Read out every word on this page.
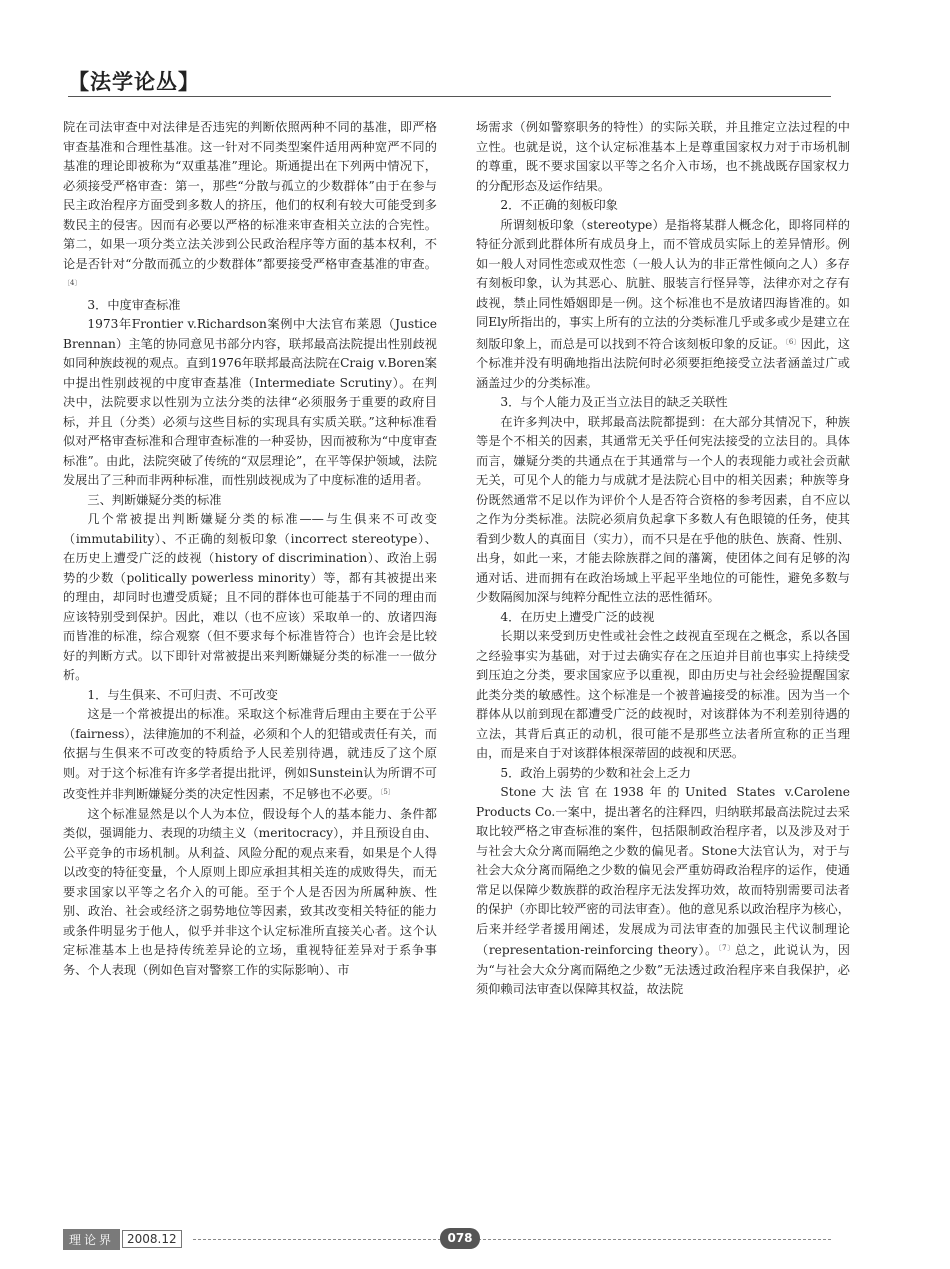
【法学论丛】

院在司法审查中对法律是否违宪的判断依照两种不同的基准，即严格审查基准和合理性基准。这一针对不同类型案件适用两种宽严不同的基准的理论即被称为“双重基准”理论。斯通提出在下列两中情况下，必须接受严格审查：第一，那些“分散与孤立的少数群体”由于在参与民主政治程序方面受到多数人的挤压，他们的权利有较大可能受到多数民主的侵害。因而有必要以严格的标准来审查相关立法的合宪性。第二，如果一项分类立法关涉到公民政治程序等方面的基本权利，不论是否针对“分散而孤立的少数群体”都要接受严格审查基准的审查。$^{〔4〕}$

3．中度审查标准

1973年Frontier v.Richardson案例中大法官布莱恩（Justice Brennan）主笔的协同意见书部分内容，联邦最高法院提出性别歧视如同种族歧视的观点。直到1976年联邦最高法院在Craig v.Boren案中提出性别歧视的中度审查基准（Intermediate Scrutiny）。在判决中，法院要求以性别为立法分类的法律“必须服务于重要的政府目标，并且（分类）必须与这些目标的实现具有实质关联。”这种标准看似对严格审查标准和合理审查标准的一种妥协，因而被称为“中度审查标准”。由此，法院突破了传统的“双层理论”，在平等保护领域，法院发展出了三种而非两种标准，而性别歧视成为了中度标准的适用者。

三、判断嫌疑分类的标准

几个常被提出判断嫌疑分类的标准——与生俱来不可改变（immutability）、不正确的刻板印象（incorrect stereotype）、在历史上遭受广泛的歧视（history of discrimination）、政治上弱势的少数（politically powerless minority）等，都有其被提出来的理由，却同时也遭受质疑；且不同的群体也可能基于不同的理由而应该特别受到保护。因此，难以（也不应该）采取单一的、放诸四海而皆准的标准，综合观察（但不要求每个标准皆符合）也许会是比较好的判断方式。以下即针对常被提出来判断嫌疑分类的标准一一做分析。

1．与生俱来、不可归责、不可改变

这是一个常被提出的标准。采取这个标准背后理由主要在于公平（fairness），法律施加的不利益，必须和个人的犯错或责任有关，而依据与生俱来不可改变的特质给予人民差别待遇，就违反了这个原则。对于这个标准有许多学者提出批评，例如Sunstein认为所谓不可改变性并非判断嫌疑分类的决定性因素，不足够也不必要。$^{〔5〕}$

这个标准显然是以个人为本位，假设每个人的基本能力、条件都类似，强调能力、表现的功绩主义（meritocracy），并且预设自由、公平竞争的市场机制。从利益、风险分配的观点来看，如果是个人得以改变的特征变量，个人原则上即应承担其相关连的成败得失，而无要求国家以平等之名介入的可能。至于个人是否因为所属种族、性别、政治、社会或经济之弱势地位等因素，致其改变相关特征的能力或条件明显劣于他人，似乎并非这个认定标准所直接关心者。这个认定标准基本上也是持传统差异论的立场，重视特征差异对于系争事务、个人表现（例如色盲对警察工作的实际影响）、市

场需求（例如警察职务的特性）的实际关联，并且推定立法过程的中立性。也就是说，这个认定标准基本上是尊重国家权力对于市场机制的尊重，既不要求国家以平等之名介入市场，也不挑战既存国家权力的分配形态及运作结果。

2．不正确的刻板印象

所谓刻板印象（stereotype）是指将某群人概念化，即将同样的特征分派到此群体所有成员身上，而不管成员实际上的差异情形。例如一般人对同性恋或双性恋（一般人认为的非正常性倾向之人）多存有刻板印象，认为其恶心、肮脏、服装言行怪异等，法律亦对之存有歧视，禁止同性婚姻即是一例。这个标准也不是放诸四海皆准的。如同Ely所指出的，事实上所有的立法的分类标准几乎或多或少是建立在刻版印象上，而总是可以找到不符合该刻板印象的反证。$^{〔6〕}$因此，这个标准并没有明确地指出法院何时必须要拒绝接受立法者涵盖过广或涵盖过少的分类标准。

3．与个人能力及正当立法目的缺乏关联性

在许多判决中，联邦最高法院都提到：在大部分其情况下，种族等是个不相关的因素，其通常无关乎任何宪法接受的立法目的。具体而言，嫌疑分类的共通点在于其通常与一个人的表现能力或社会贡献无关，可见个人的能力与成就才是法院心目中的相关因素；种族等身份既然通常不足以作为评价个人是否符合资格的参考因素，自不应以之作为分类标准。法院必须肩负起拿下多数人有色眼镜的任务，使其看到少数人的真面目（实力），而不只是在乎他的肤色、族裔、性别、出身，如此一来，才能去除族群之间的藩篱，使团体之间有足够的沟通对话、进而拥有在政治场域上平起平坐地位的可能性，避免多数与少数隔阂加深与纯粹分配性立法的恶性循环。

4．在历史上遭受广泛的歧视

长期以来受到历史性或社会性之歧视直至现在之概念，系以各国之经验事实为基础，对于过去确实存在之压迫并目前也事实上持续受到压迫之分类，要求国家应予以重视，即由历史与社会经验提醒国家此类分类的敏感性。这个标准是一个被普遍接受的标准。因为当一个群体从以前到现在都遭受广泛的歧视时，对该群体为不利差别待遇的立法，其背后真正的动机，很可能不是那些立法者所宣称的正当理由，而是来自于对该群体根深蒂固的歧视和厌恶。

5．政治上弱势的少数和社会上乏力

Stone大法官在1938年的United States v.Carolene Products Co.一案中，提出著名的注释四，归纳联邦最高法院过去采取比较严格之审查标准的案件，包括限制政治程序者，以及涉及对于与社会大众分离而隔绝之少数的偏见者。Stone大法官认为，对于与社会大众分离而隔绝之少数的偏见会严重妨碍政治程序的运作，使通常足以保障少数族群的政治程序无法发挥功效，故而特别需要司法者的保护（亦即比较严密的司法审查）。他的意见系以政治程序为核心，后来并经学者援用阐述，发展成为司法审查的加强民主代议制理论（representation-reinforcing theory）。$^{〔7〕}$总之，此说认为，因为“与社会大众分离而隔绝之少数”无法透过政治程序来自我保护，必须仰赖司法审查以保障其权益，故法院

理论界	2008.12	078
